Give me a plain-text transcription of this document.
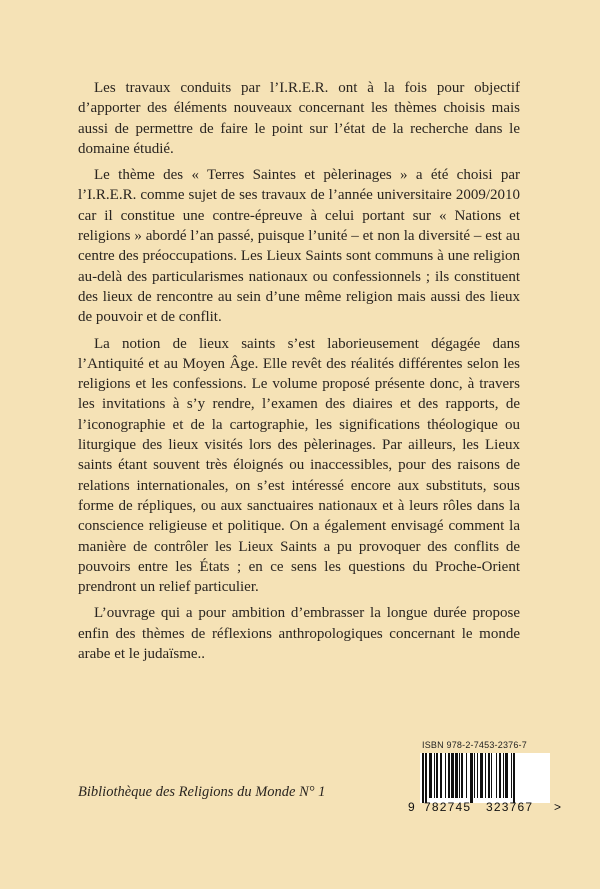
Les travaux conduits par l’I.R.E.R. ont à la fois pour objectif d’apporter des éléments nouveaux concernant les thèmes choisis mais aussi de permettre de faire le point sur l’état de la recherche dans le domaine étudié.

Le thème des « Terres Saintes et pèlerinages » a été choisi par l’I.R.E.R. comme sujet de ses travaux de l’année universitaire 2009/2010 car il constitue une contre-épreuve à celui portant sur « Nations et religions » abordé l’an passé, puisque l’unité – et non la diversité – est au centre des préoccupations. Les Lieux Saints sont communs à une religion au-delà des particularismes nationaux ou confessionnels ; ils constituent des lieux de rencontre au sein d’une même religion mais aussi des lieux de pouvoir et de conflit.

La notion de lieux saints s’est laborieusement dégagée dans l’Antiquité et au Moyen Âge. Elle revêt des réalités différentes selon les religions et les confessions. Le volume proposé présente donc, à travers les invitations à s’y rendre, l’examen des diaires et des rapports, de l’iconographie et de la cartographie, les significations théologique ou liturgique des lieux visités lors des pèlerinages. Par ailleurs, les Lieux saints étant souvent très éloignés ou inaccessibles, pour des raisons de relations internationales, on s’est intéressé encore aux substituts, sous forme de répliques, ou aux sanctuaires nationaux et à leurs rôles dans la conscience religieuse et politique. On a également envisagé comment la manière de contrôler les Lieux Saints a pu provoquer des conflits de pouvoirs entre les États ; en ce sens les questions du Proche-Orient prendront un relief particulier.

L’ouvrage qui a pour ambition d’embrasser la longue durée propose enfin des thèmes de réflexions anthropologiques concernant le monde arabe et le judaïsme..

Bibliothèque des Religions du Monde N° 1
ISBN 978-2-7453-2376-7
9 782745 323767 >
